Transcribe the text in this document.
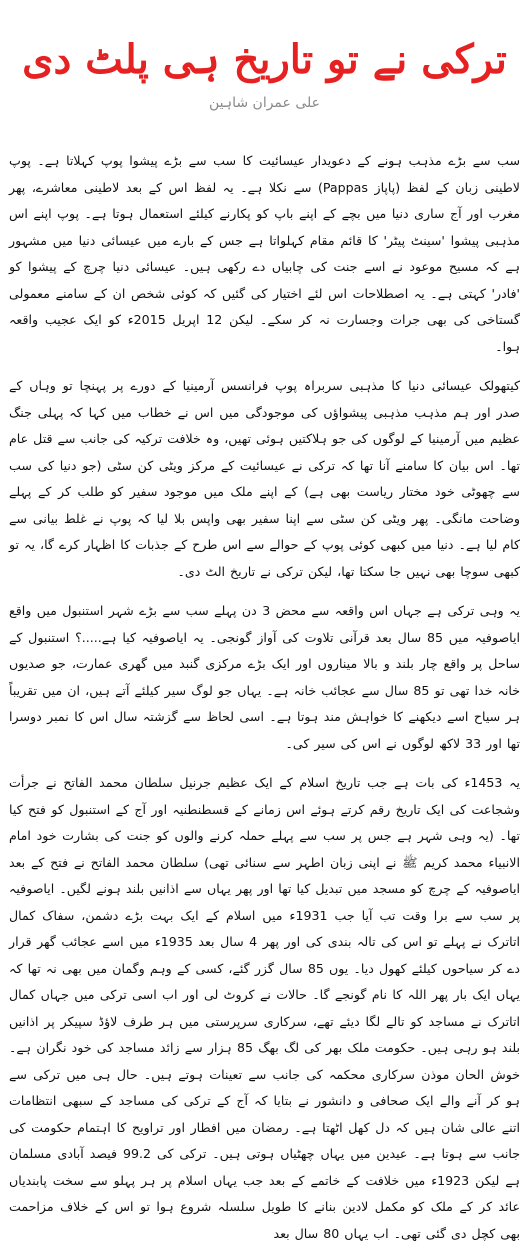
ترکی نے تو تاریخ ہی پلٹ دی
علی عمران شاہین

سب سے بڑے مذہب ہونے کے دعویدار عیسائیت کا سب سے بڑے پیشوا پوپ کہلاتا ہے۔ پوپ لاطینی زبان کے لفظ (پاپاز Pappas) سے نکلا ہے۔ یہ لفظ اس کے بعد لاطینی معاشرے، پھر مغرب اور آج ساری دنیا میں بچے کے اپنے باپ کو پکارنے کیلئے استعمال ہوتا ہے۔ پوپ اپنے اس مذہبی پیشوا 'سینٹ پیٹر' کا قائم مقام کہلواتا ہے جس کے بارے میں عیسائی دنیا میں مشہور ہے کہ مسیح موعود نے اسے جنت کی چابیاں دے رکھی ہیں۔ عیسائی دنیا چرچ کے پیشوا کو 'فادر' کہتی ہے۔ یہ اصطلاحات اس لئے اختیار کی گئیں کہ کوئی شخص ان کے سامنے معمولی گستاخی کی بھی جرات وجسارت نہ کر سکے۔ لیکن 12 اپریل 2015ء کو ایک عجیب واقعہ ہوا۔

کیتھولک عیسائی دنیا کا مذہبی سربراہ پوپ فرانسس آرمینیا کے دورے پر پہنچا تو وہاں کے صدر اور ہم مذہب مذہبی پیشواؤں کی موجودگی میں اس نے خطاب میں کہا کہ پہلی جنگ عظیم میں آرمینیا کے لوگوں کی جو ہلاکتیں ہوئی تھیں، وہ خلافت ترکیہ کی جانب سے قتل عام تھا۔ اس بیان کا سامنے آنا تھا کہ ترکی نے عیسائیت کے مرکز ویٹی کن سٹی (جو دنیا کی سب سے چھوٹی خود مختار ریاست بھی ہے) کے اپنے ملک میں موجود سفیر کو طلب کر کے پہلے وضاحت مانگی۔ پھر ویٹی کن سٹی سے اپنا سفیر بھی واپس بلا لیا کہ پوپ نے غلط بیانی سے کام لیا ہے۔ دنیا میں کبھی کوئی پوپ کے حوالے سے اس طرح کے جذبات کا اظہار کرے گا، یہ تو کبھی سوچا بھی نہیں جا سکتا تھا، لیکن ترکی نے تاریخ الٹ دی۔

یہ وہی ترکی ہے جہاں اس واقعہ سے محض 3 دن پہلے سب سے بڑے شہر استنبول میں واقع ایاصوفیہ میں 85 سال بعد قرآنی تلاوت کی آواز گونجی۔ یہ ایاصوفیہ کیا ہے.....؟ استنبول کے ساحل پر واقع چار بلند و بالا میناروں اور ایک بڑے مرکزی گنبد میں گھری عمارت، جو صدیوں خانہ خدا تھی تو 85 سال سے عجائب خانہ ہے۔ یہاں جو لوگ سیر کیلئے آتے ہیں، ان میں تقریباً ہر سیاح اسے دیکھنے کا خواہش مند ہوتا ہے۔ اسی لحاظ سے گزشتہ سال اس کا نمبر دوسرا تھا اور 33 لاکھ لوگوں نے اس کی سیر کی۔

یہ 1453ء کی بات ہے جب تاریخ اسلام کے ایک عظیم جرنیل سلطان محمد الفاتح نے جرأت وشجاعت کی ایک تاریخ رقم کرتے ہوئے اس زمانے کے قسطنطنیہ اور آج کے استنبول کو فتح کیا تھا۔ (یہ وہی شہر ہے جس پر سب سے پہلے حملہ کرنے والوں کو جنت کی بشارت خود امام الانبیاء محمد کریم ﷺ نے اپنی زبان اطہر سے سنائی تھی) سلطان محمد الفاتح نے فتح کے بعد ایاصوفیہ کے چرچ کو مسجد میں تبدیل کیا تھا اور پھر یہاں سے اذانیں بلند ہونے لگیں۔ ایاصوفیہ پر سب سے برا وقت تب آیا جب 1931ء میں اسلام کے ایک بہت بڑے دشمن، سفاک کمال اتاترک نے پہلے تو اس کی تالہ بندی کی اور پھر 4 سال بعد 1935ء میں اسے عجائب گھر قرار دے کر سیاحوں کیلئے کھول دیا۔ یوں 85 سال گزر گئے، کسی کے وہم وگمان میں بھی نہ تھا کہ یہاں ایک بار پھر اللہ کا نام گونجے گا۔ حالات نے کروٹ لی اور اب اسی ترکی میں جہاں کمال اتاترک نے مساجد کو تالے لگا دیئے تھے، سرکاری سرپرستی میں ہر طرف لاؤڈ سپیکر پر اذانیں بلند ہو رہی ہیں۔ حکومت ملک بھر کی لگ بھگ 85 ہزار سے زائد مساجد کی خود نگران ہے۔ خوش الحان موذن سرکاری محکمہ کی جانب سے تعینات ہوتے ہیں۔ حال ہی میں ترکی سے ہو کر آنے والے ایک صحافی و دانشور نے بتایا کہ آج کے ترکی کی مساجد کے سبھی انتظامات اتنے عالی شان ہیں کہ دل کھل اٹھتا ہے۔ رمضان میں افطار اور تراویح کا اہتمام حکومت کی جانب سے ہوتا ہے۔ عیدین میں یہاں چھٹیاں ہوتی ہیں۔ ترکی کی 99.2 فیصد آبادی مسلمان ہے لیکن 1923ء میں خلافت کے خاتمے کے بعد جب یہاں اسلام پر ہر پہلو سے سخت پابندیاں عائد کر کے ملک کو مکمل لادین بنانے کا طویل سلسلہ شروع ہوا تو اس کے خلاف مزاحمت بھی کچل دی گئی تھی۔ اب یہاں 80 سال بعد
